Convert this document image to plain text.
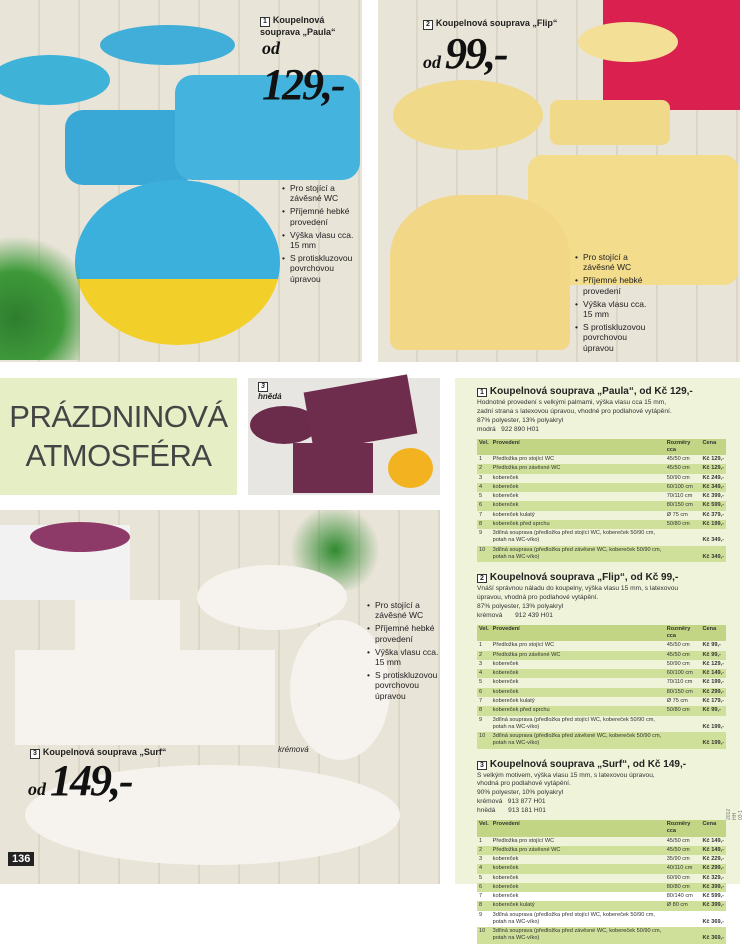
1 Koupelnová
souprava „Paula“
od 129,-
• Pro stojící a závěsné WC
• Příjemné hebké provedení
• Výška vlasu cca. 15 mm
• S protiskluzovou povrchovou úpravou
2 Koupelnová souprava „Flip“
od 99,-
• Pro stojící a závěsné WC
• Příjemné hebké provedení
• Výška vlasu cca. 15 mm
• S protiskluzovou povrchovou úpravou
PRÁZDNINOVÁ
ATMOSFÉRA
3
hnědá
3 Koupelnová souprava „Surf“
od 149,-
krémová
• Pro stojící a závěsné WC
• Příjemné hebké provedení
• Výška vlasu cca. 15 mm
• S protiskluzovou povrchovou úpravou
136
1 Koupelnová souprava „Paula“, od Kč 129,-

Hodnotné provedení s velkými palmami, výška vlasu cca 15 mm,

zadní strana s latexovou úpravou, vhodné pro podlahové vytápění.

87% polyester, 13% polyakryl

modrá   922 890 H01

Vel.	Provedení	Rozměry cca	Cena
1	Předložka pro stojící WC	45/50 cm	Kč 129,-
2	Předložka pro závěsné WC	45/50 cm	Kč 129,-
3	koberеček	50/90 cm	Kč 249,-
4	kobereček	60/100 cm	Kč 349,-
5	kobereček	70/110 cm	Kč 399,-
6	kobereček	80/150 cm	Kč 599,-
7	kobereček kulatý	Ø 75 cm	Kč 379,-
8	kobereček před sprchu	50/80 cm	Kč 199,-
9	3dílná souprava (předložka před stojící WC, kobereček 50/90 cm, potah na WC-víko)		Kč 349,-
10	3dílná souprava (předložka před závěsné WC, kobereček 50/90 cm, potah na WC-víko)		Kč 349,-
2 Koupelnová souprava „Flip“, od Kč 99,-

Vnáší správnou náladu do koupelny, výška vlasu 15 mm, s latexovou

úpravou, vhodná pro podlahové vytápění.

87% polyester, 13% polyakryl

krémová       912 439 H01

Vel.	Provedení	Rozměry cca	Cena
1	Předložka pro stojící WC	45/50 cm	Kč 99,-
2	Předložka pro závěsné WC	45/50 cm	Kč 99,-
3	kobereček	50/90 cm	Kč 129,-
4	kobereček	60/100 cm	Kč 149,-
5	kobereček	70/110 cm	Kč 199,-
6	kobereček	80/150 cm	Kč 299,-
7	kobereček kulatý	Ø 75 cm	Kč 179,-
8	kobereček před sprchu	50/80 cm	Kč 99,-
9	3dílná souprava (předložka před stojící WC, kobereček 50/90 cm, potah na WC-víko)		Kč 199,-
10	3dílná souprava (předložka před závěsné WC, kobereček 50/90 cm, potah na WC-víko)		Kč 199,-
3 Koupelnová souprava „Surf“, od Kč 149,-

S velkým motivem, výška vlasu 15 mm, s latexovou úpravou,

vhodná pro podlahové vytápění.

90% polyester, 10% polyakryl

krémová   913 877 H01

hnědá       913 181 H01

Vel.	Provedení	Rozměry cca	Cena
1	Předložka pro stojící WC	45/50 cm	Kč 149,-
2	Předložka pro závěsné WC	45/50 cm	Kč 149,-
3	kobereček	35/90 cm	Kč 229,-
4	kobereček	40/110 cm	Kč 299,-
5	kobereček	60/90 cm	Kč 329,-
6	kobereček	80/80 cm	Kč 399,-
7	kobereček	80/140 cm	Kč 599,-
8	kobereček kulatý	Ø 80 cm	Kč 399,-
9	3dílná souprava (předložka před stojící WC, kobereček 50/90 cm, potah na WC-víko)		Kč 369,-
10	3dílná souprava (předložka před závěsné WC, kobereček 50/90 cm, potah na WC-víko)		Kč 369,-
2012 HH 03-1
